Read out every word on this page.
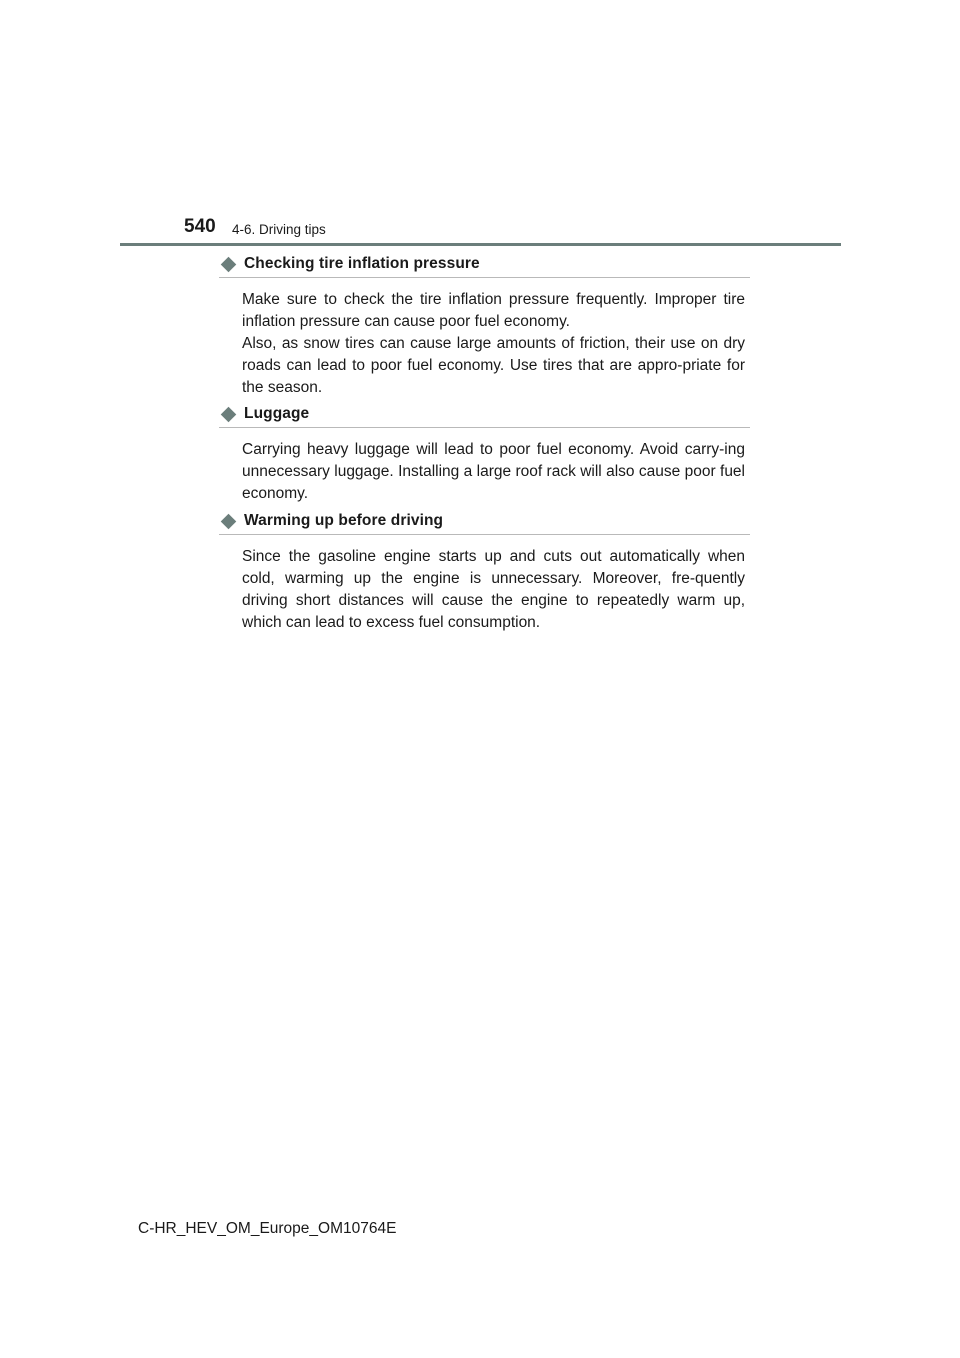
540 4-6. Driving tips
Checking tire inflation pressure

Make sure to check the tire inflation pressure frequently. Improper tire inflation pressure can cause poor fuel economy.

Also, as snow tires can cause large amounts of friction, their use on dry roads can lead to poor fuel economy. Use tires that are appro-priate for the season.

Luggage

Carrying heavy luggage will lead to poor fuel economy. Avoid carry-ing unnecessary luggage. Installing a large roof rack will also cause poor fuel economy.

Warming up before driving

Since the gasoline engine starts up and cuts out automatically when cold, warming up the engine is unnecessary. Moreover, fre-quently driving short distances will cause the engine to repeatedly warm up, which can lead to excess fuel consumption.

C-HR_HEV_OM_Europe_OM10764E
